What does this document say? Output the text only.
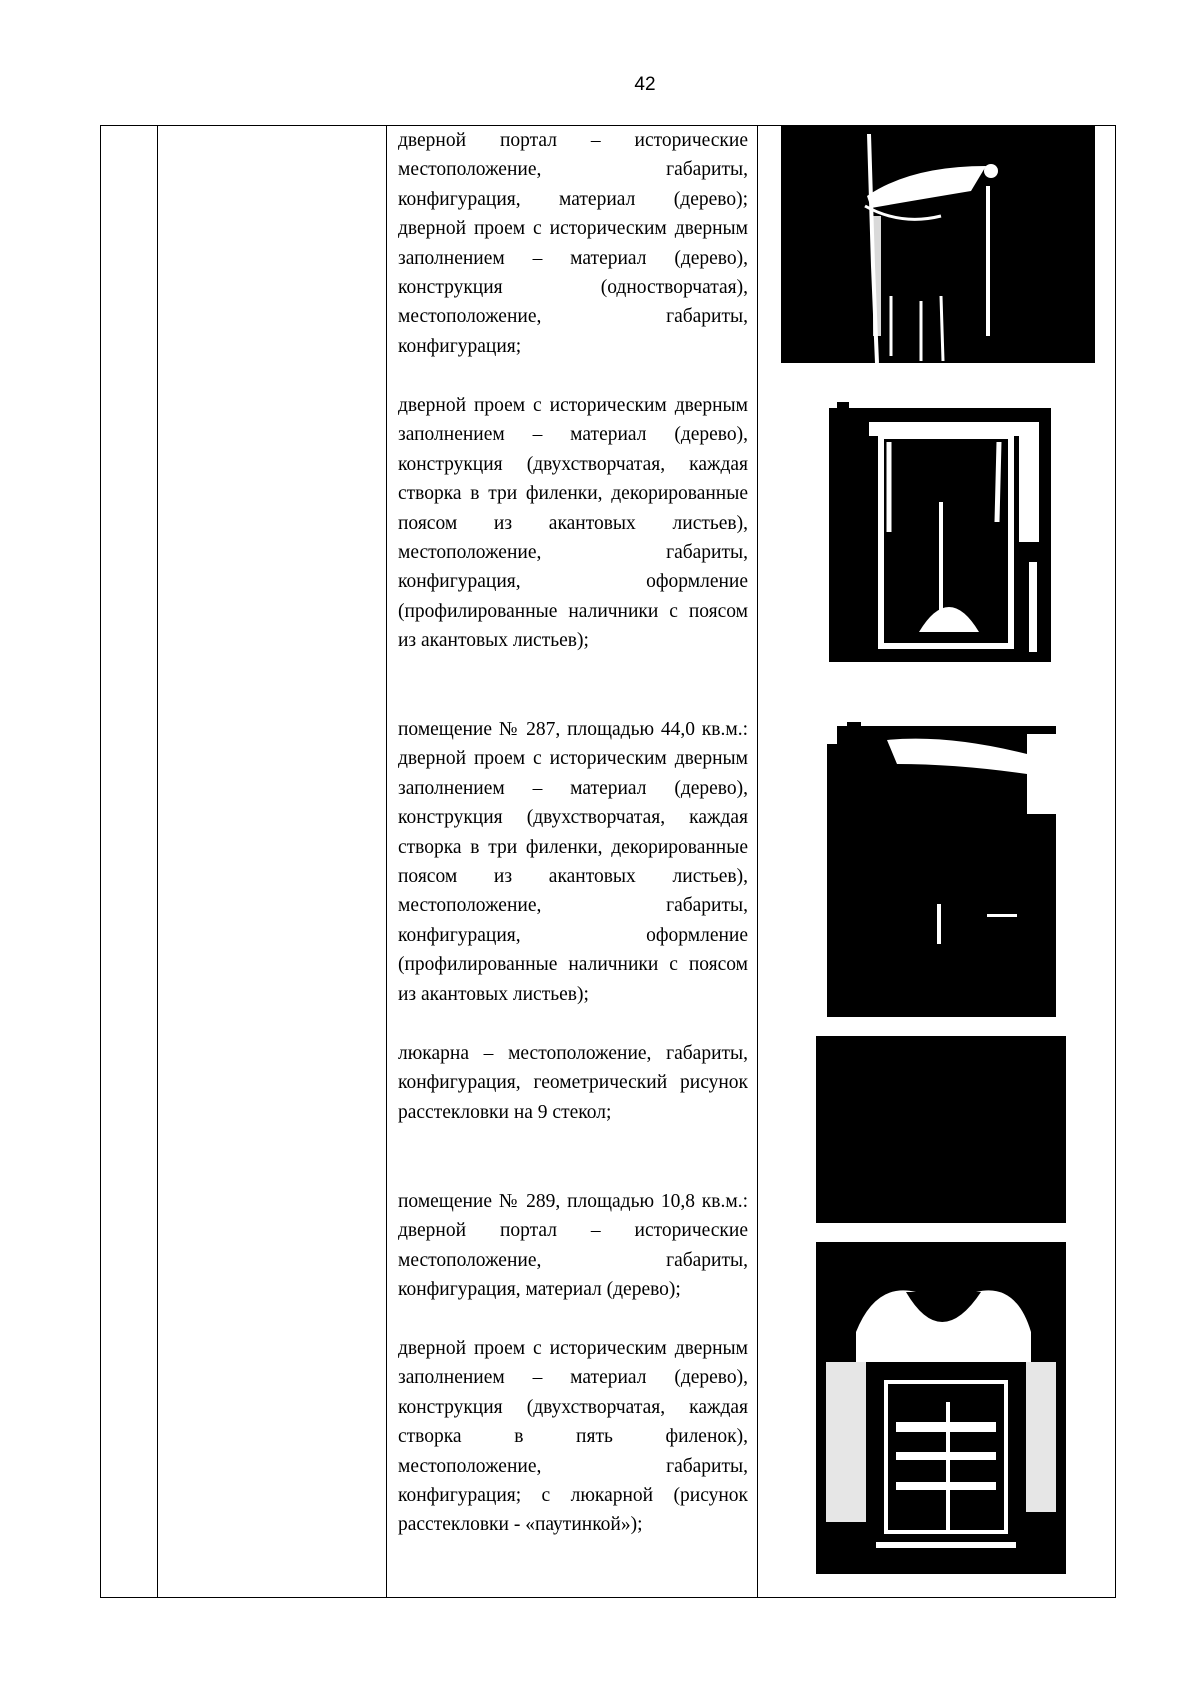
42

дверной портал – исторические местоположение, габариты, конфигурация, материал (дерево); дверной проем с историческим дверным заполнением – материал (дерево), конструкция (одностворчатая), местоположение, габариты, конфигурация;

дверной проем с историческим дверным заполнением – материал (дерево), конструкция (двухстворчатая, каждая створка в три филенки, декорированные поясом из акантовых листьев), местоположение, габариты, конфигурация, оформление (профилированные наличники с поясом из акантовых листьев);

помещение № 287, площадью 44,0 кв.м.: дверной проем с историческим дверным заполнением – материал (дерево), конструкция (двухстворчатая, каждая створка в три филенки, декорированные поясом из акантовых листьев), местоположение, габариты, конфигурация, оформление (профилированные наличники с поясом из акантовых листьев);

люкарна – местоположение, габариты, конфигурация, геометрический рисунок расстекловки на 9 стекол;

помещение № 289, площадью 10,8 кв.м.: дверной портал – исторические местоположение, габариты, конфигурация, материал (дерево);

дверной проем с историческим дверным заполнением – материал (дерево), конструкция (двухстворчатая, каждая створка в пять филенок), местоположение, габариты, конфигурация; с люкарной (рисунок расстекловки - «паутинкой»);
